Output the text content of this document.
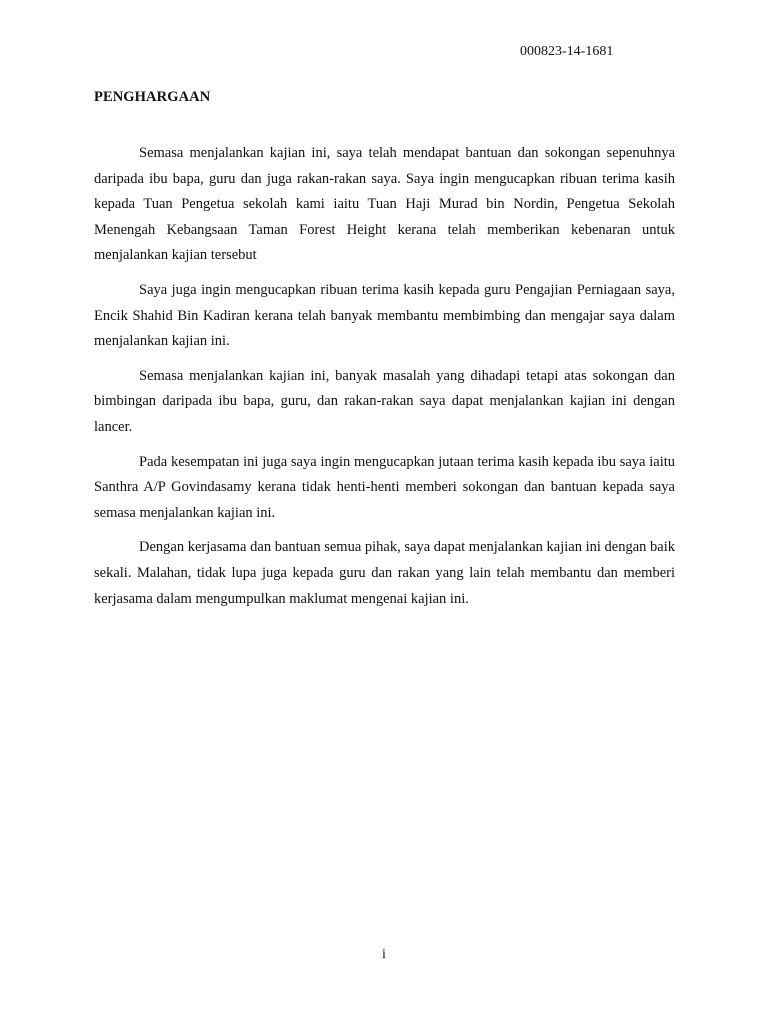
000823-14-1681
PENGHARGAAN

Semasa menjalankan kajian ini, saya telah mendapat bantuan dan sokongan sepenuhnya daripada ibu bapa, guru dan juga rakan-rakan saya. Saya ingin mengucapkan ribuan terima kasih kepada Tuan Pengetua sekolah kami iaitu Tuan Haji Murad bin Nordin, Pengetua Sekolah Menengah Kebangsaan Taman Forest Height kerana telah memberikan kebenaran untuk menjalankan kajian tersebut

Saya juga ingin mengucapkan ribuan terima kasih kepada guru Pengajian Perniagaan saya, Encik Shahid Bin Kadiran kerana telah banyak membantu membimbing dan mengajar saya dalam menjalankan kajian ini.

Semasa menjalankan kajian ini, banyak masalah yang dihadapi tetapi atas sokongan dan bimbingan daripada ibu bapa, guru, dan rakan-rakan saya dapat menjalankan kajian ini dengan lancer.

Pada kesempatan ini juga saya ingin mengucapkan jutaan terima kasih kepada ibu saya iaitu Santhra A/P Govindasamy kerana tidak henti-henti memberi sokongan dan bantuan kepada saya semasa menjalankan kajian ini.

Dengan kerjasama dan bantuan semua pihak, saya dapat menjalankan kajian ini dengan baik sekali. Malahan, tidak lupa juga kepada guru dan rakan yang lain telah membantu dan memberi kerjasama dalam mengumpulkan maklumat mengenai kajian ini.

i
